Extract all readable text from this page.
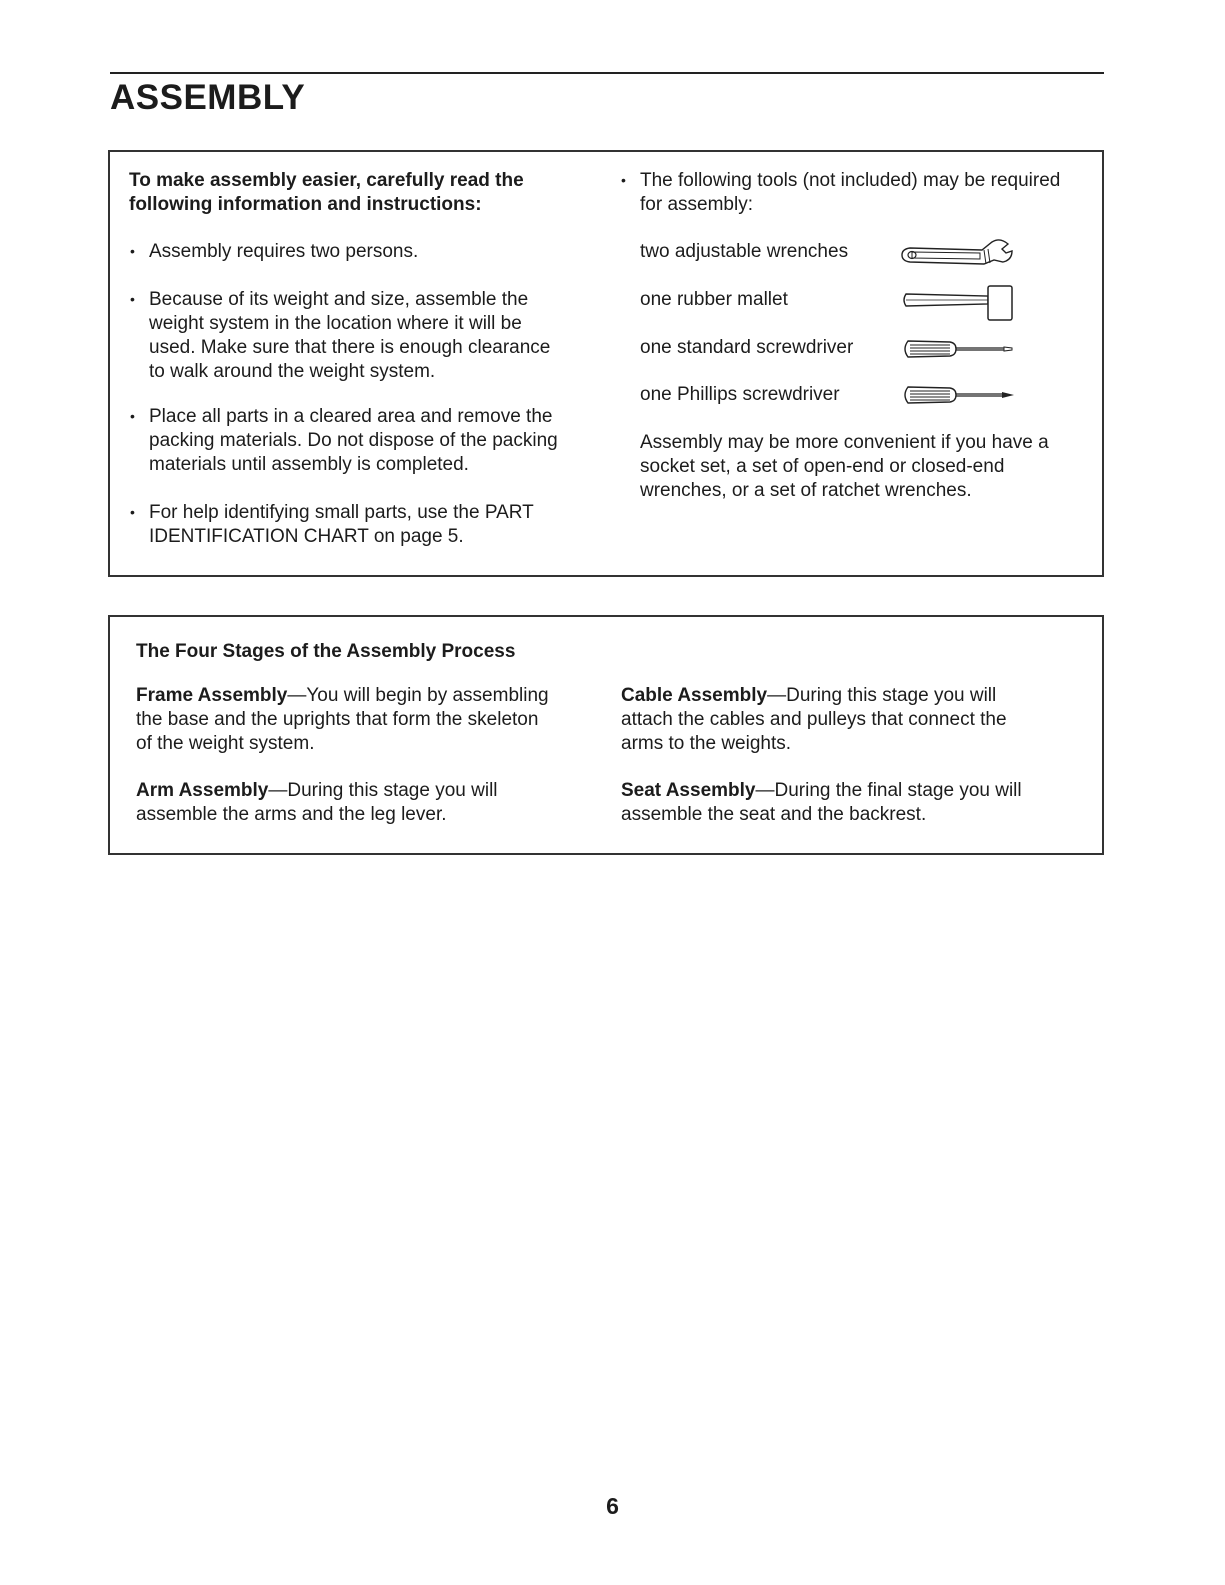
ASSEMBLY
To make assembly easier, carefully read the
following information and instructions:
• Assembly requires two persons.
• Because of its weight and size, assemble the
weight system in the location where it will be
used. Make sure that there is enough clearance
to walk around the weight system.
• Place all parts in a cleared area and remove the
packing materials. Do not dispose of the packing
materials until assembly is completed.
• For help identifying small parts, use the PART
IDENTIFICATION CHART on page 5.
• The following tools (not included) may be required
for assembly:
two adjustable wrenches
one rubber mallet
one standard screwdriver
one Phillips screwdriver
Assembly may be more convenient if you have a
socket set, a set of open-end or closed-end
wrenches, or a set of ratchet wrenches.
The Four Stages of the Assembly Process
Frame Assembly—You will begin by assembling
the base and the uprights that form the skeleton
of the weight system.
Arm Assembly—During this stage you will
assemble the arms and the leg lever.
Cable Assembly—During this stage you will
attach the cables and pulleys that connect the
arms to the weights.
Seat Assembly—During the final stage you will
assemble the seat and the backrest.
6
